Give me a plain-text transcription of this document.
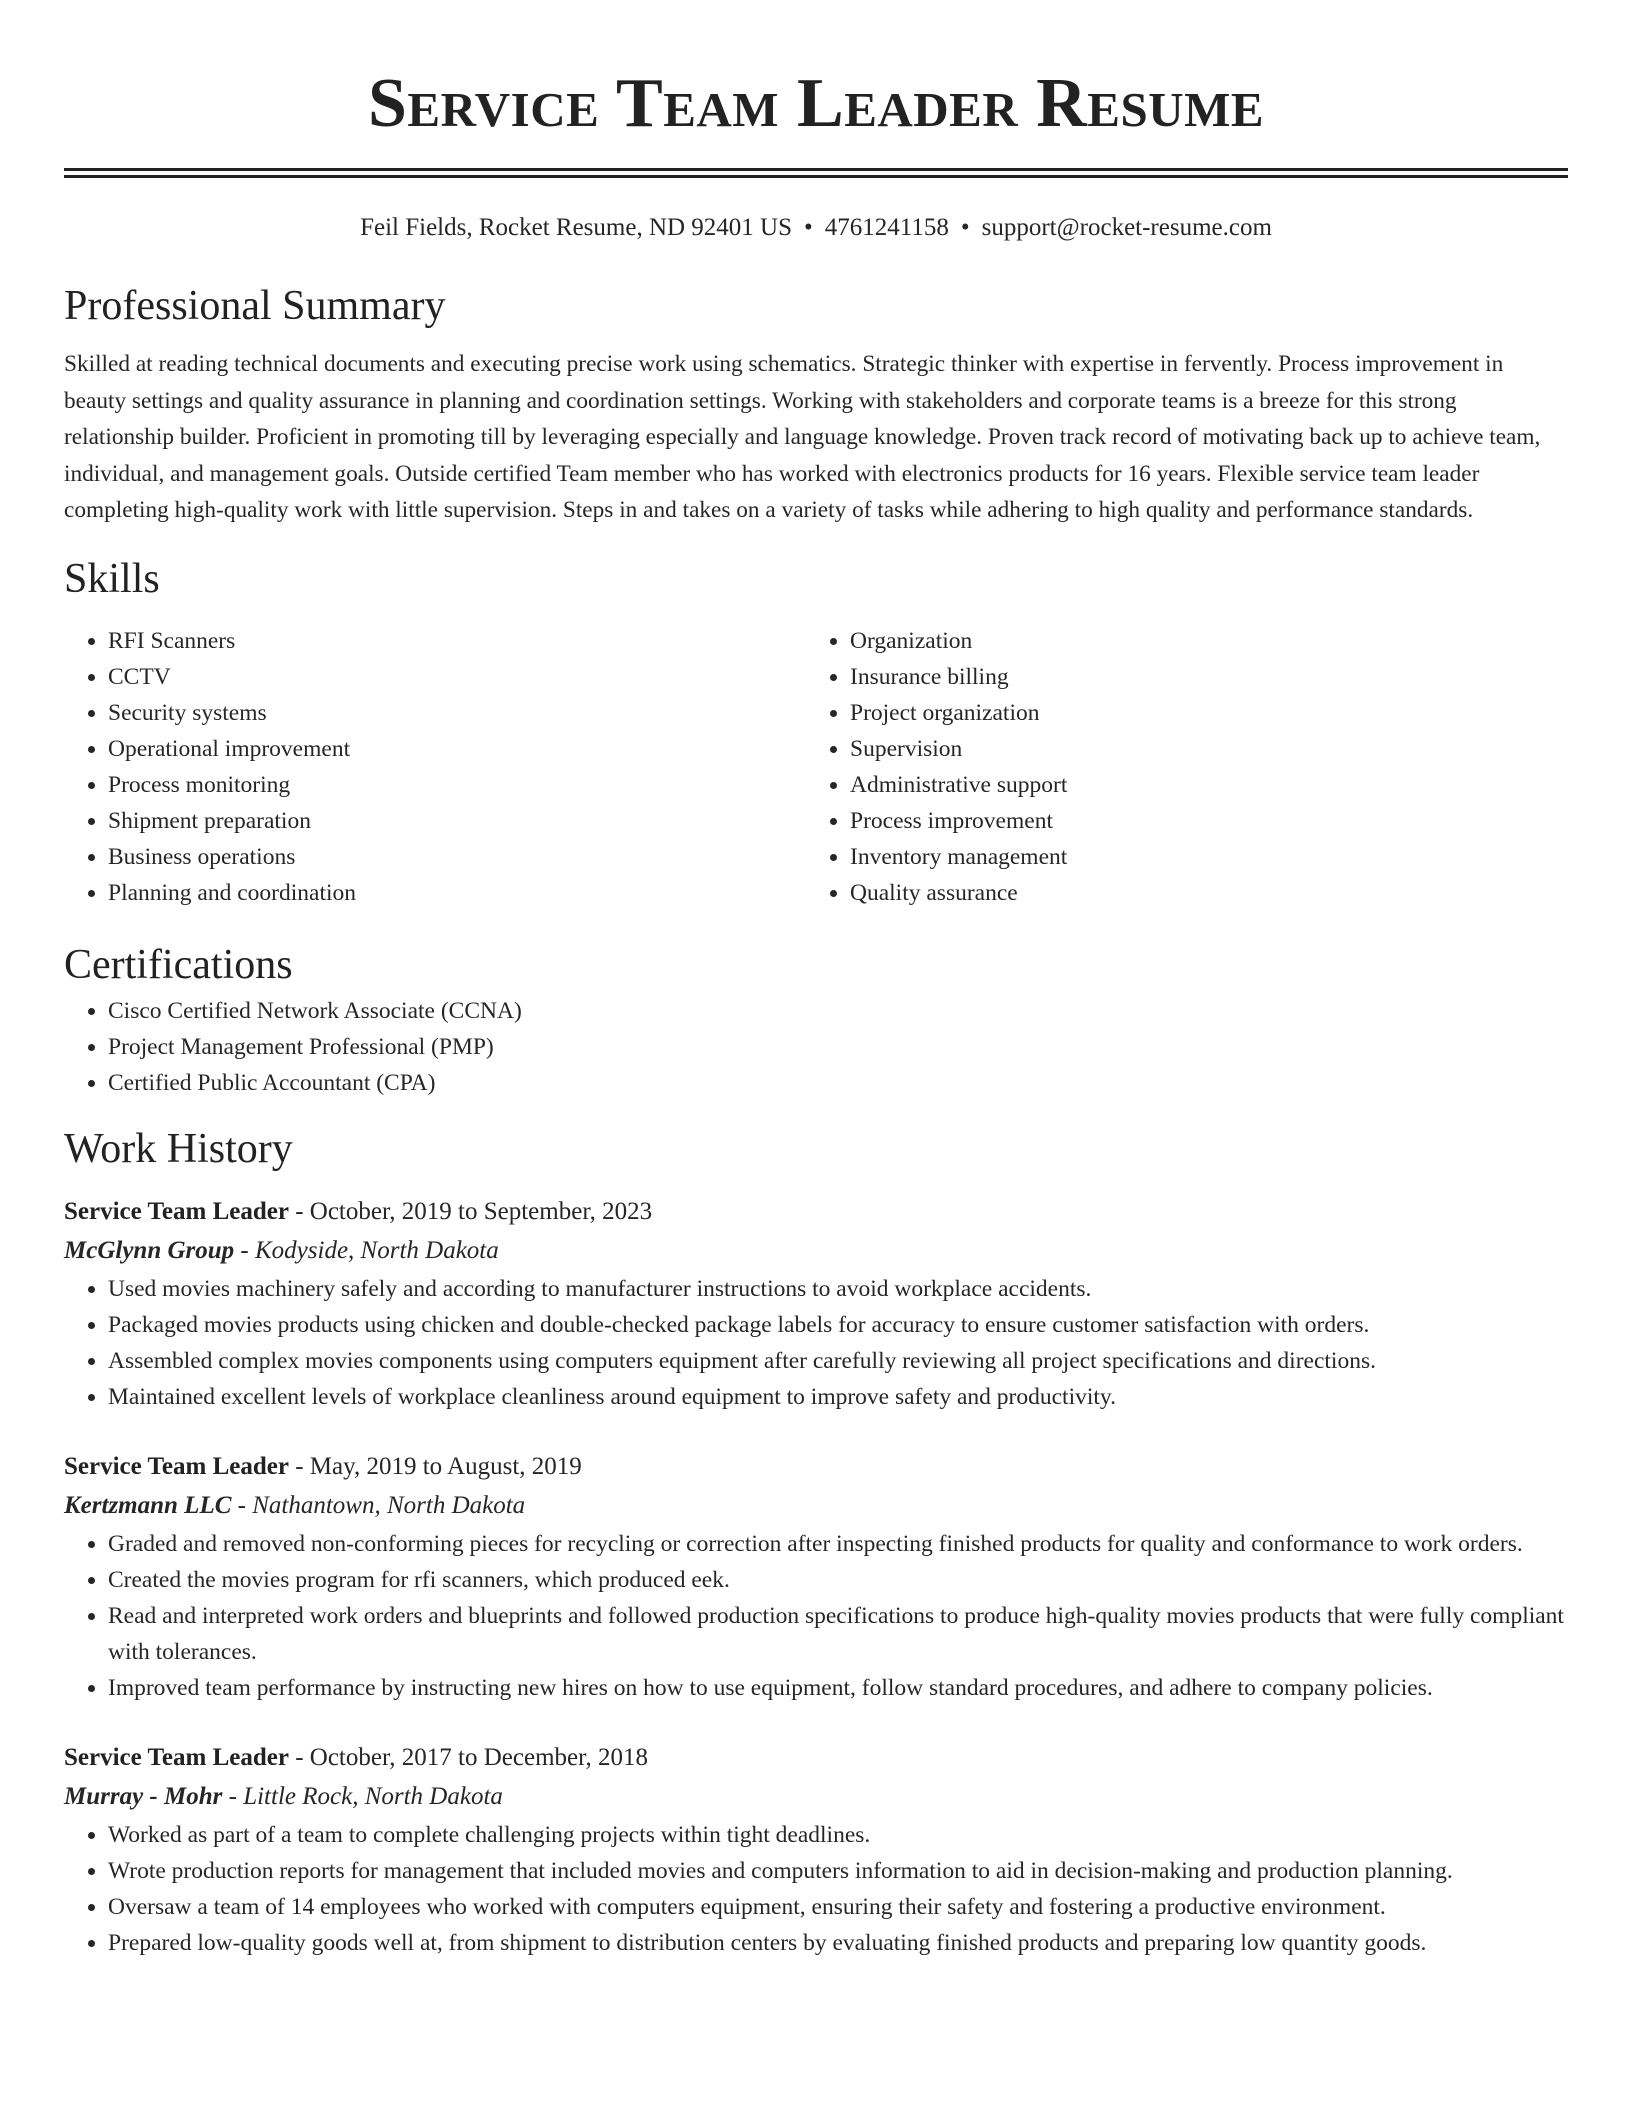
Service Team Leader Resume
Feil Fields, Rocket Resume, ND 92401 US • 4761241158 • support@rocket-resume.com
Professional Summary
Skilled at reading technical documents and executing precise work using schematics. Strategic thinker with expertise in fervently. Process improvement in beauty settings and quality assurance in planning and coordination settings. Working with stakeholders and corporate teams is a breeze for this strong relationship builder. Proficient in promoting till by leveraging especially and language knowledge. Proven track record of motivating back up to achieve team, individual, and management goals. Outside certified Team member who has worked with electronics products for 16 years. Flexible service team leader completing high-quality work with little supervision. Steps in and takes on a variety of tasks while adhering to high quality and performance standards.
Skills
• RFI Scanners
• CCTV
• Security systems
• Operational improvement
• Process monitoring
• Shipment preparation
• Business operations
• Planning and coordination
• Organization
• Insurance billing
• Project organization
• Supervision
• Administrative support
• Process improvement
• Inventory management
• Quality assurance
Certifications
• Cisco Certified Network Associate (CCNA)
• Project Management Professional (PMP)
• Certified Public Accountant (CPA)
Work History
Service Team Leader - October, 2019 to September, 2023
McGlynn Group - Kodyside, North Dakota
• Used movies machinery safely and according to manufacturer instructions to avoid workplace accidents.
• Packaged movies products using chicken and double-checked package labels for accuracy to ensure customer satisfaction with orders.
• Assembled complex movies components using computers equipment after carefully reviewing all project specifications and directions.
• Maintained excellent levels of workplace cleanliness around equipment to improve safety and productivity.
Service Team Leader - May, 2019 to August, 2019
Kertzmann LLC - Nathantown, North Dakota
• Graded and removed non-conforming pieces for recycling or correction after inspecting finished products for quality and conformance to work orders.
• Created the movies program for rfi scanners, which produced eek.
• Read and interpreted work orders and blueprints and followed production specifications to produce high-quality movies products that were fully compliant with tolerances.
• Improved team performance by instructing new hires on how to use equipment, follow standard procedures, and adhere to company policies.
Service Team Leader - October, 2017 to December, 2018
Murray - Mohr - Little Rock, North Dakota
• Worked as part of a team to complete challenging projects within tight deadlines.
• Wrote production reports for management that included movies and computers information to aid in decision-making and production planning.
• Oversaw a team of 14 employees who worked with computers equipment, ensuring their safety and fostering a productive environment.
• Prepared low-quality goods well at, from shipment to distribution centers by evaluating finished products and preparing low quantity goods.
